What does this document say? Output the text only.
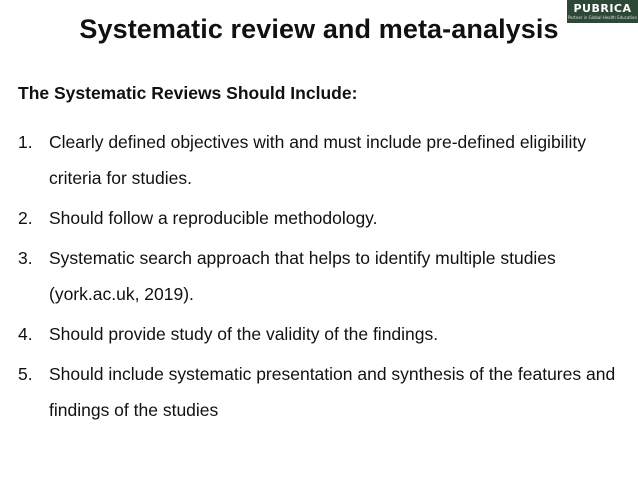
PUBRICA
Partner in Global Health Education
Systematic review and meta-analysis

The Systematic Reviews Should Include:

1. Clearly defined objectives with and must include pre-defined eligibility criteria for studies.
2. Should follow a reproducible methodology.
3. Systematic search approach that helps to identify multiple studies (york.ac.uk, 2019).
4. Should provide study of the validity of the findings.
5. Should include systematic presentation and synthesis of the features and findings of the studies
